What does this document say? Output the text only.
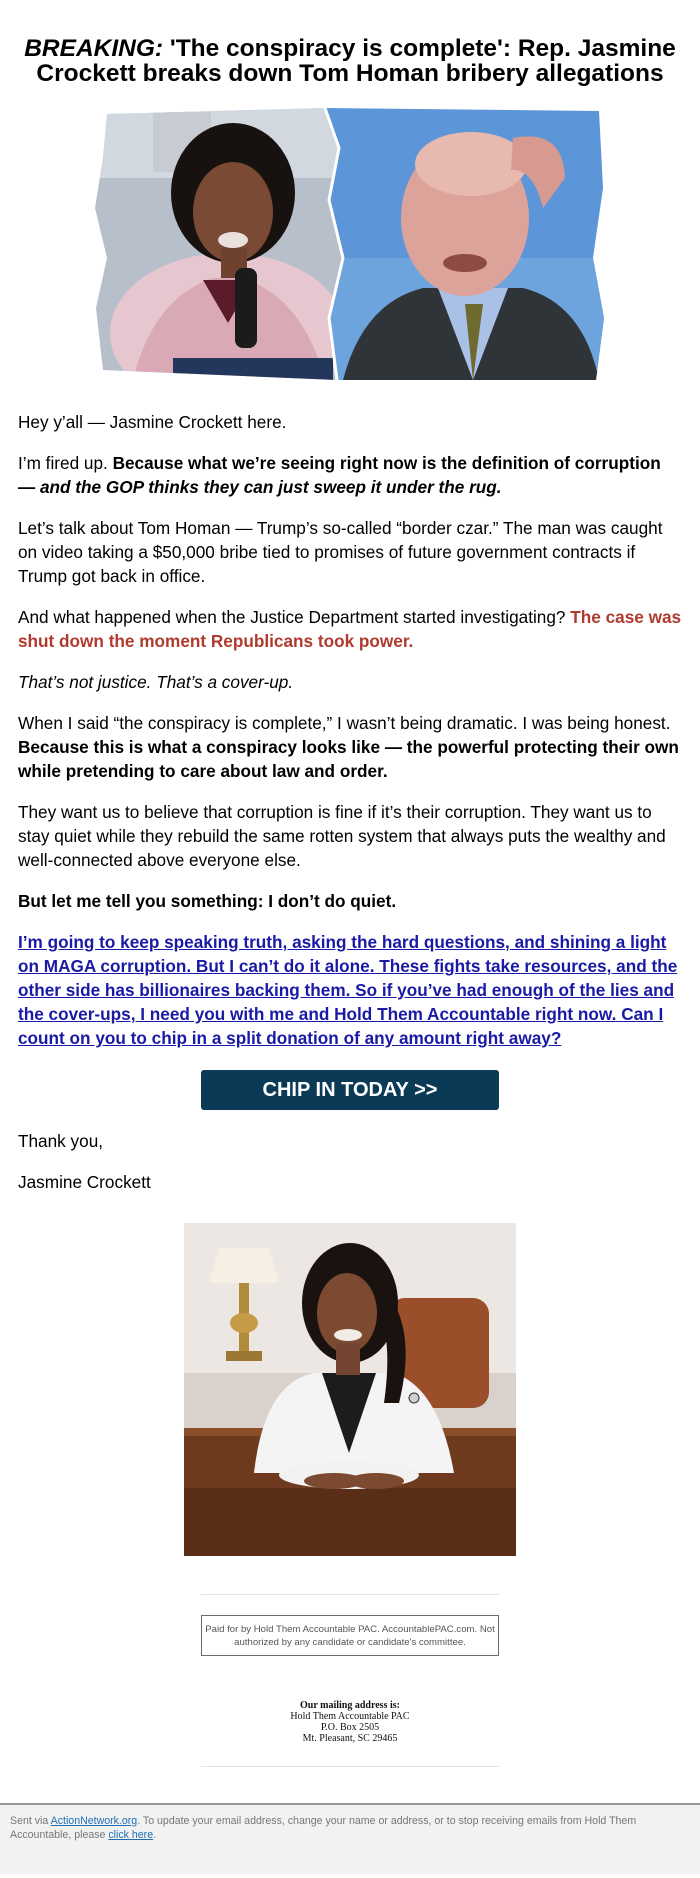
BREAKING: 'The conspiracy is complete': Rep. Jasmine Crockett breaks down Tom Homan bribery allegations

Hey y’all — Jasmine Crockett here.

I’m fired up. Because what we’re seeing right now is the definition of corruption — and the GOP thinks they can just sweep it under the rug.

Let’s talk about Tom Homan — Trump’s so-called “border czar.” The man was caught on video taking a $50,000 bribe tied to promises of future government contracts if Trump got back in office.

And what happened when the Justice Department started investigating? The case was shut down the moment Republicans took power.

That’s not justice. That’s a cover-up.

When I said “the conspiracy is complete,” I wasn’t being dramatic. I was being honest. Because this is what a conspiracy looks like — the powerful protecting their own while pretending to care about law and order.

They want us to believe that corruption is fine if it’s their corruption. They want us to stay quiet while they rebuild the same rotten system that always puts the wealthy and well-connected above everyone else.

But let me tell you something: I don’t do quiet.

I’m going to keep speaking truth, asking the hard questions, and shining a light on MAGA corruption. But I can’t do it alone. These fights take resources, and the other side has billionaires backing them. So if you’ve had enough of the lies and the cover-ups, I need you with me and Hold Them Accountable right now. Can I count on you to chip in a split donation of any amount right away?

CHIP IN TODAY >>

Thank you,

Jasmine Crockett

Paid for by Hold Them Accountable PAC. AccountablePAC.com. Not authorized by any candidate or candidate's committee.
Our mailing address is:
Hold Them Accountable PAC
P.O. Box 2505
Mt. Pleasant, SC 29465
Sent via ActionNetwork.org. To update your email address, change your name or address, or to stop receiving emails from Hold Them Accountable, please click here.
